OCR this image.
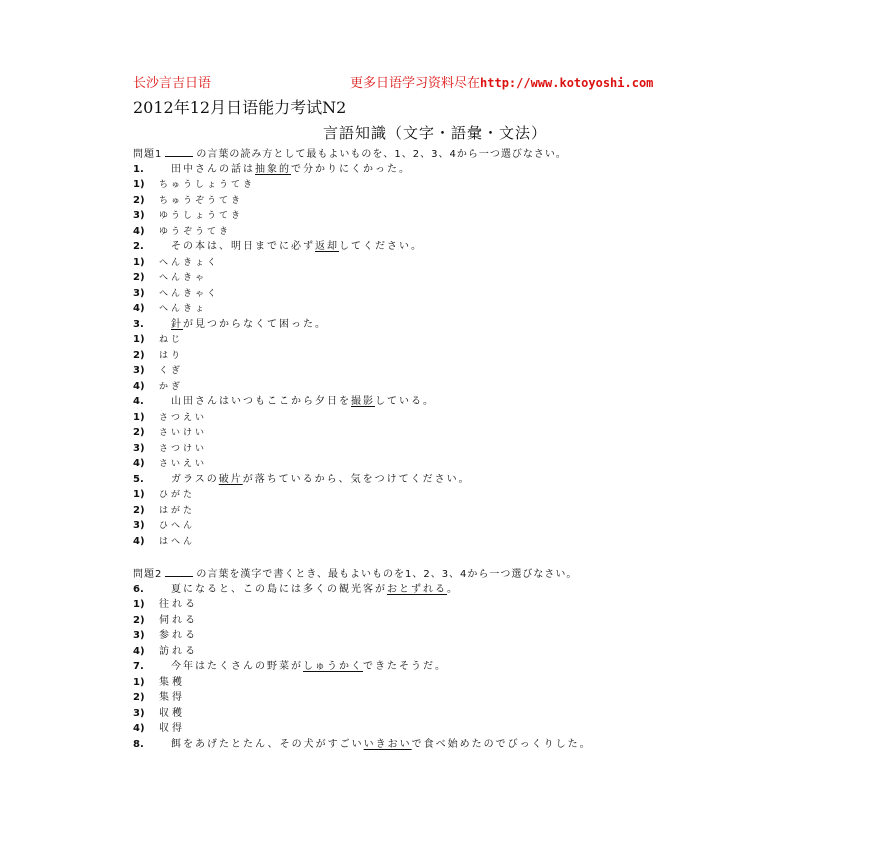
长沙言吉日语	更多日语学习资料尽在http://www.kotoyoshi.com
2012年12月日语能力考试N2
言語知識（文字・語彙・文法）
問題1	の言葉の読み方として最もよいものを、1、2、3、4から一つ選びなさい。
1.	田中さんの話は抽象的で分かりにくかった。
1) ちゅうしょうてき
2) ちゅうぞうてき
3) ゆうしょうてき
4) ゆうぞうてき
2.	その本は、明日までに必ず返却してください。
1) へんきょく
2) へんきゃ
3) へんきゃく
4) へんきょ
3.	針が見つからなくて困った。
1) ねじ
2) はり
3) くぎ
4) かぎ
4.	山田さんはいつもここから夕日を撮影している。
1) さつえい
2) さいけい
3) さつけい
4) さいえい
5.	ガラスの破片が落ちているから、気をつけてください。
1) ひがた
2) はがた
3) ひへん
4) はへん
問題2	の言葉を漢字で書くとき、最もよいものを1、2、3、4から一つ選びなさい。
6.	夏になると、この島には多くの観光客がおとずれる。
1) 往れる
2) 伺れる
3) 参れる
4) 訪れる
7.	今年はたくさんの野菜がしゅうかくできたそうだ。
1) 集穫
2) 集得
3) 収穫
4) 収得
8.	餌をあげたとたん、その犬がすごいいきおいで食べ始めたのでびっくりした。
